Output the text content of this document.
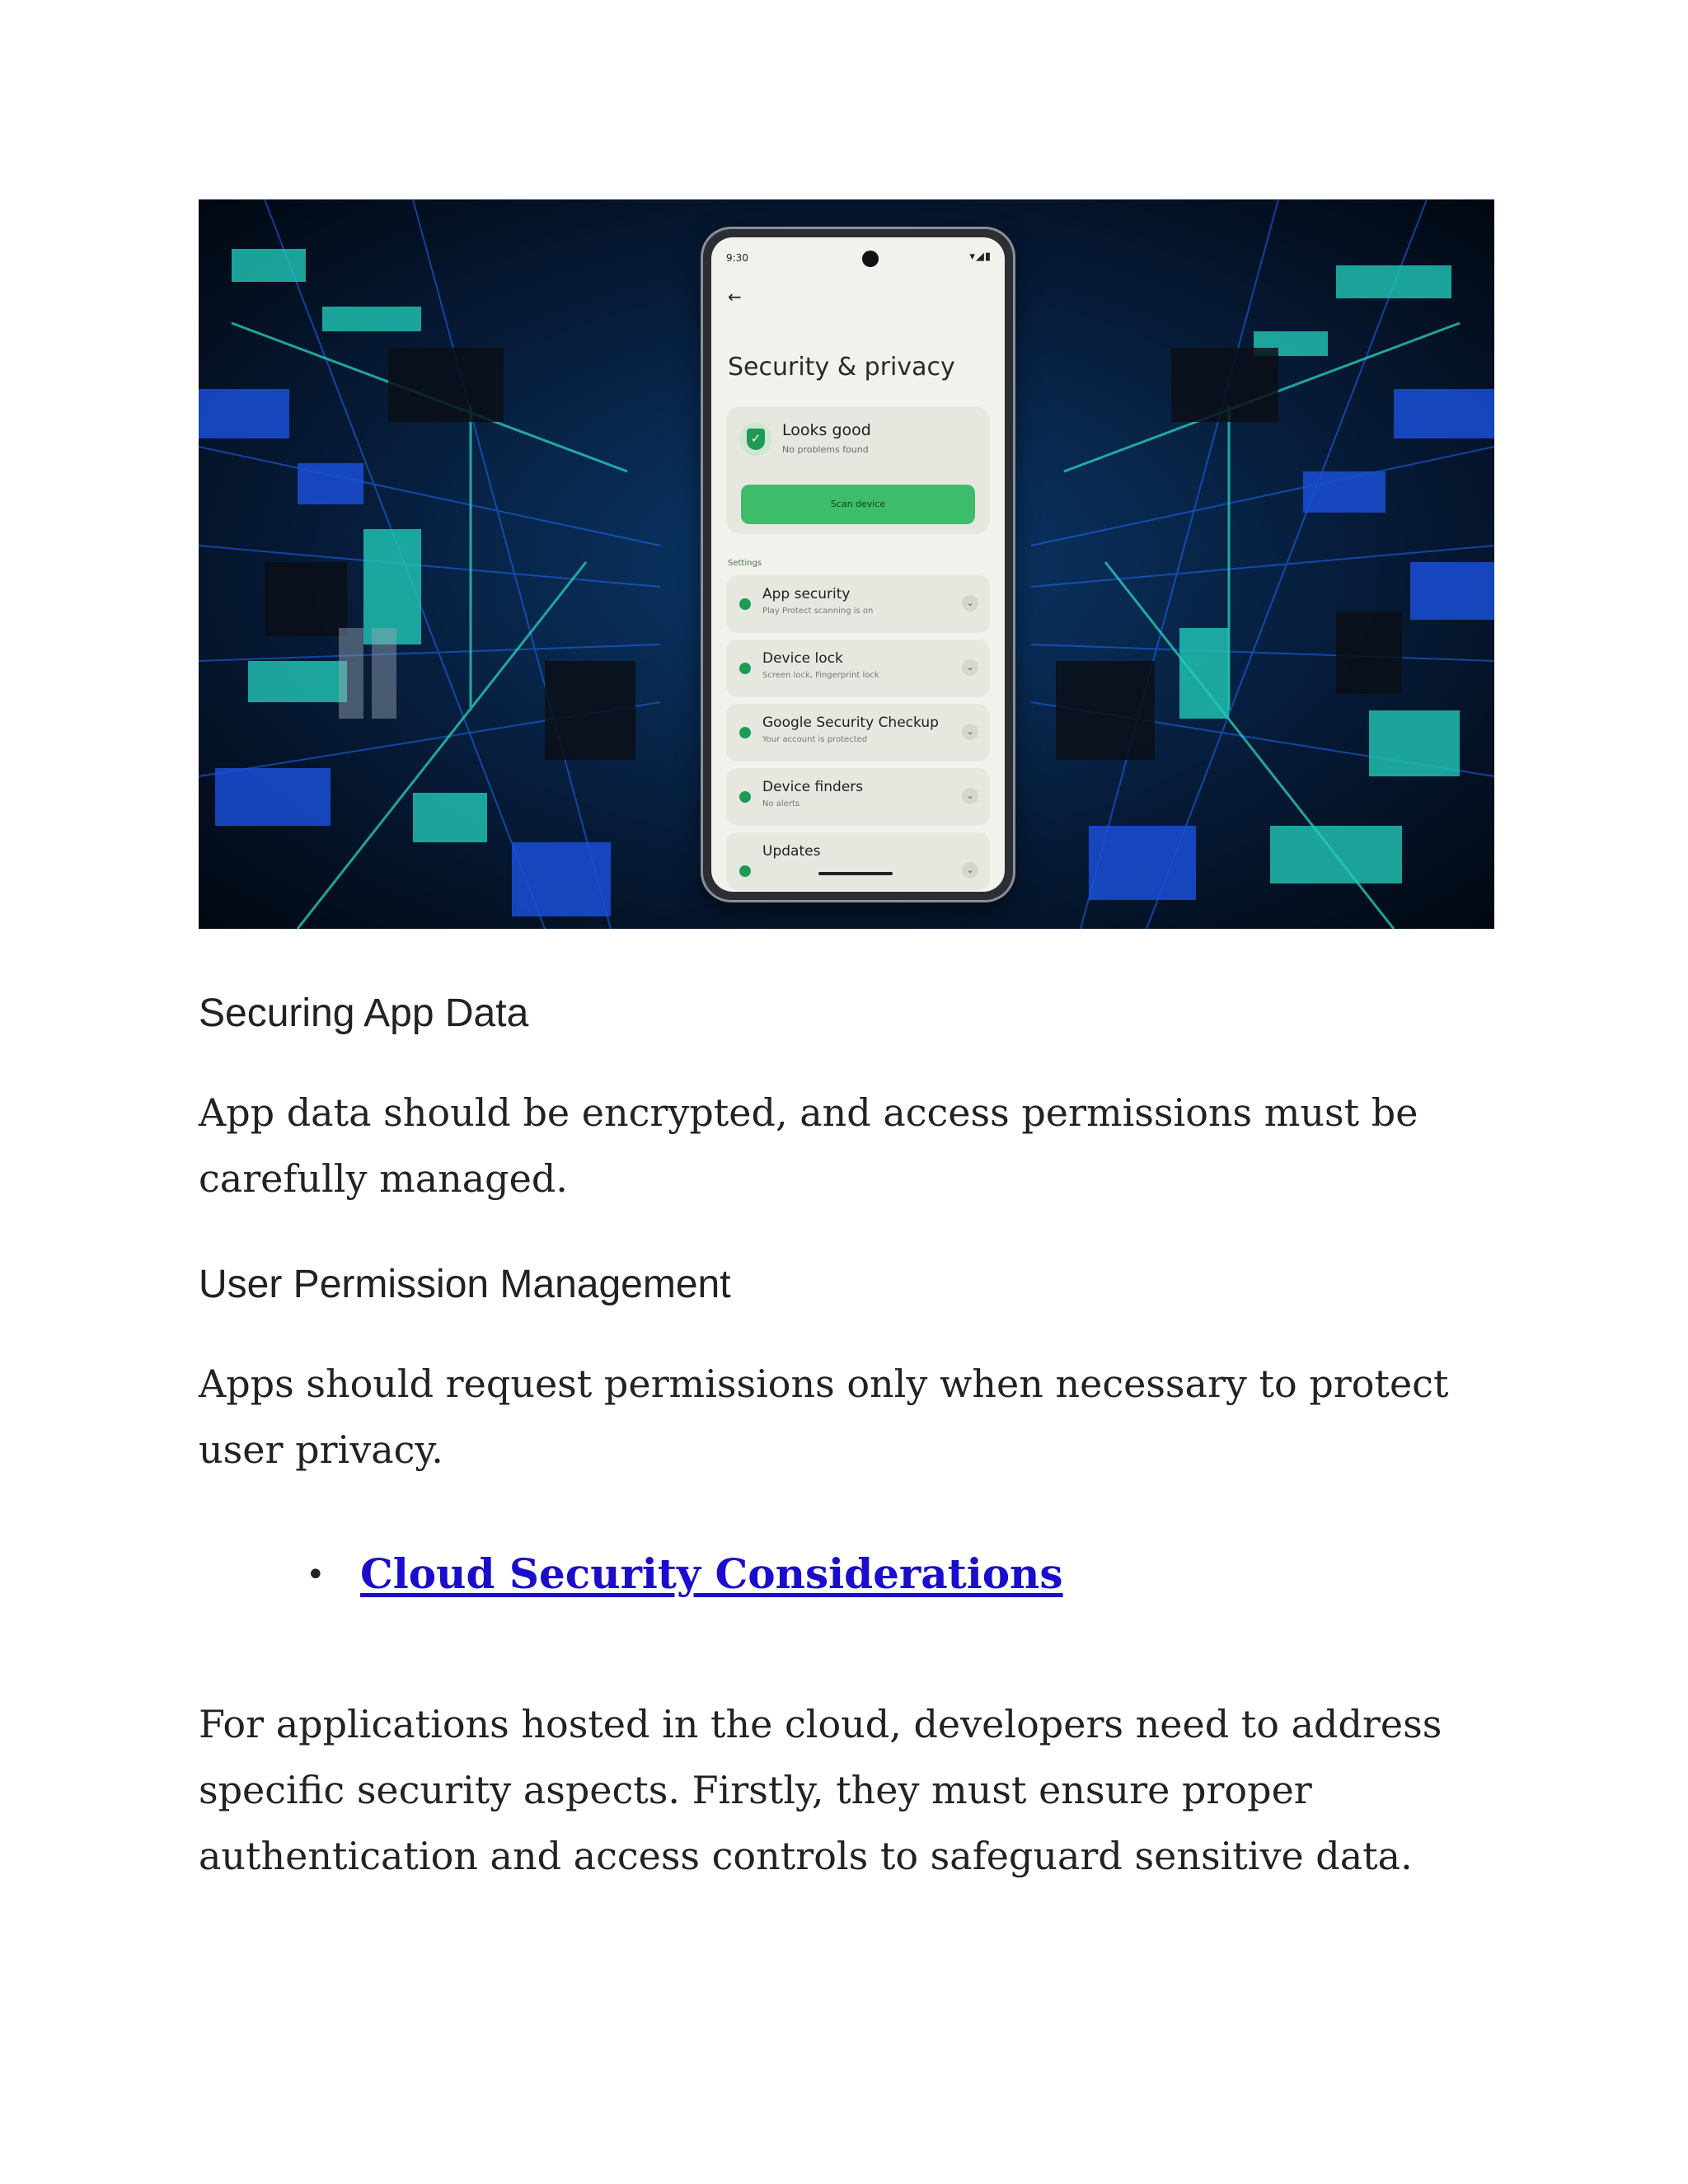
9:30	▾◢▮
←
Security & privacy
✓ Looks good
No problems found
Scan device
Settings
App security
Play Protect scanning is on
⌄
Device lock
Screen lock, Fingerprint lock
⌄
Google Security Checkup
Your account is protected
⌄
Device finders
No alerts
⌄
Updates
⌄
Securing App Data

App data should be encrypted, and access permissions must be carefully managed.

User Permission Management

Apps should request permissions only when necessary to protect user privacy.

• Cloud Security Considerations

For applications hosted in the cloud, developers need to address specific security aspects. Firstly, they must ensure proper authentication and access controls to safeguard sensitive data.
